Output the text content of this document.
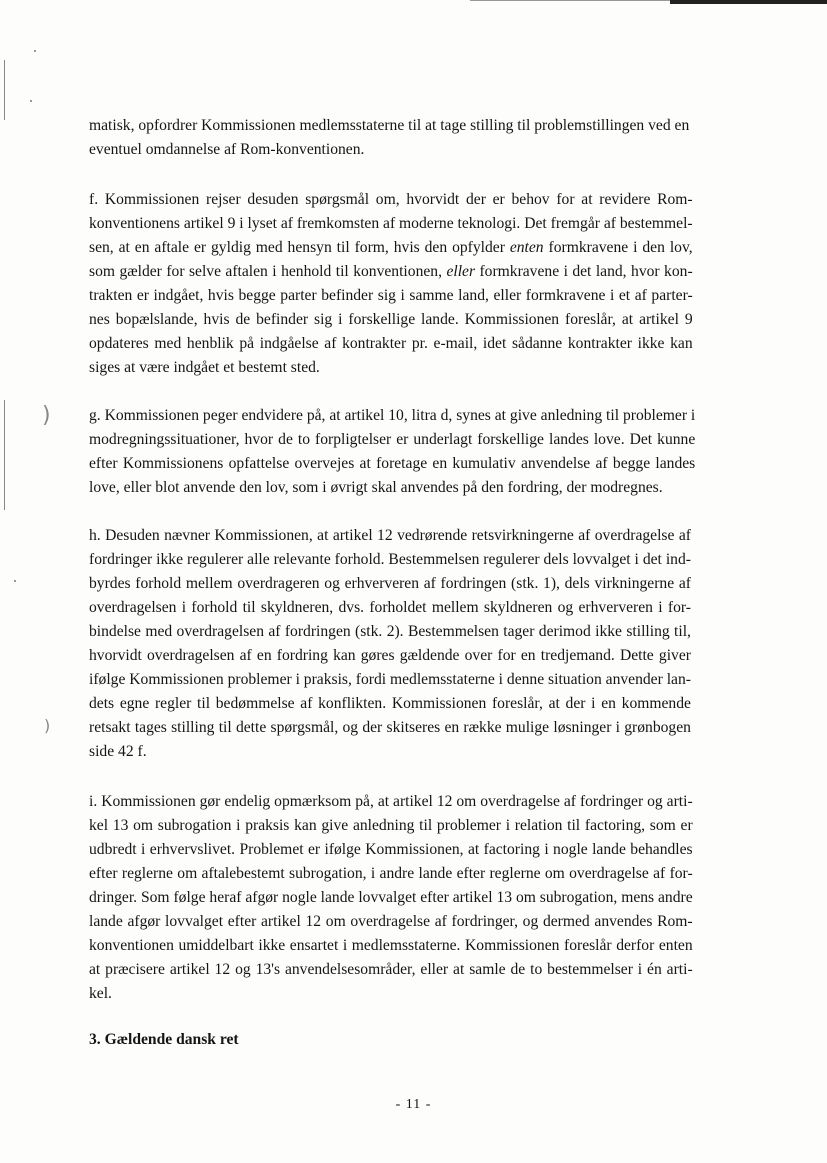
)
)

matisk, opfordrer Kommissionen medlemsstaterne til at tage stilling til problemstillingen ved en
eventuel omdannelse af Rom-konventionen.

f. Kommissionen rejser desuden spørgsmål om, hvorvidt der er behov for at revidere Rom-
konventionens artikel 9 i lyset af fremkomsten af moderne teknologi. Det fremgår af bestemmel-
sen, at en aftale er gyldig med hensyn til form, hvis den opfylder enten formkravene i den lov,
som gælder for selve aftalen i henhold til konventionen, eller formkravene i det land, hvor kon-
trakten er indgået, hvis begge parter befinder sig i samme land, eller formkravene i et af parter-
nes bopælslande, hvis de befinder sig i forskellige lande. Kommissionen foreslår, at artikel 9
opdateres med henblik på indgåelse af kontrakter pr. e-mail, idet sådanne kontrakter ikke kan
siges at være indgået et bestemt sted.

g. Kommissionen peger endvidere på, at artikel 10, litra d, synes at give anledning til problemer i
modregningssituationer, hvor de to forpligtelser er underlagt forskellige landes love. Det kunne
efter Kommissionens opfattelse overvejes at foretage en kumulativ anvendelse af begge landes
love, eller blot anvende den lov, som i øvrigt skal anvendes på den fordring, der modregnes.

h. Desuden nævner Kommissionen, at artikel 12 vedrørende retsvirkningerne af overdragelse af
fordringer ikke regulerer alle relevante forhold. Bestemmelsen regulerer dels lovvalget i det ind-
byrdes forhold mellem overdrageren og erhververen af fordringen (stk. 1), dels virkningerne af
overdragelsen i forhold til skyldneren, dvs. forholdet mellem skyldneren og erhververen i for-
bindelse med overdragelsen af fordringen (stk. 2). Bestemmelsen tager derimod ikke stilling til,
hvorvidt overdragelsen af en fordring kan gøres gældende over for en tredjemand. Dette giver
ifølge Kommissionen problemer i praksis, fordi medlemsstaterne i denne situation anvender lan-
dets egne regler til bedømmelse af konflikten. Kommissionen foreslår, at der i en kommende
retsakt tages stilling til dette spørgsmål, og der skitseres en række mulige løsninger i grønbogen
side 42 f.

i. Kommissionen gør endelig opmærksom på, at artikel 12 om overdragelse af fordringer og arti-
kel 13 om subrogation i praksis kan give anledning til problemer i relation til factoring, som er
udbredt i erhvervslivet. Problemet er ifølge Kommissionen, at factoring i nogle lande behandles
efter reglerne om aftalebestemt subrogation, i andre lande efter reglerne om overdragelse af for-
dringer. Som følge heraf afgør nogle lande lovvalget efter artikel 13 om subrogation, mens andre
lande afgør lovvalget efter artikel 12 om overdragelse af fordringer, og dermed anvendes Rom-
konventionen umiddelbart ikke ensartet i medlemsstaterne. Kommissionen foreslår derfor enten
at præcisere artikel 12 og 13's anvendelsesområder, eller at samle de to bestemmelser i én arti-
kel.

3. Gældende dansk ret
- 11 -
